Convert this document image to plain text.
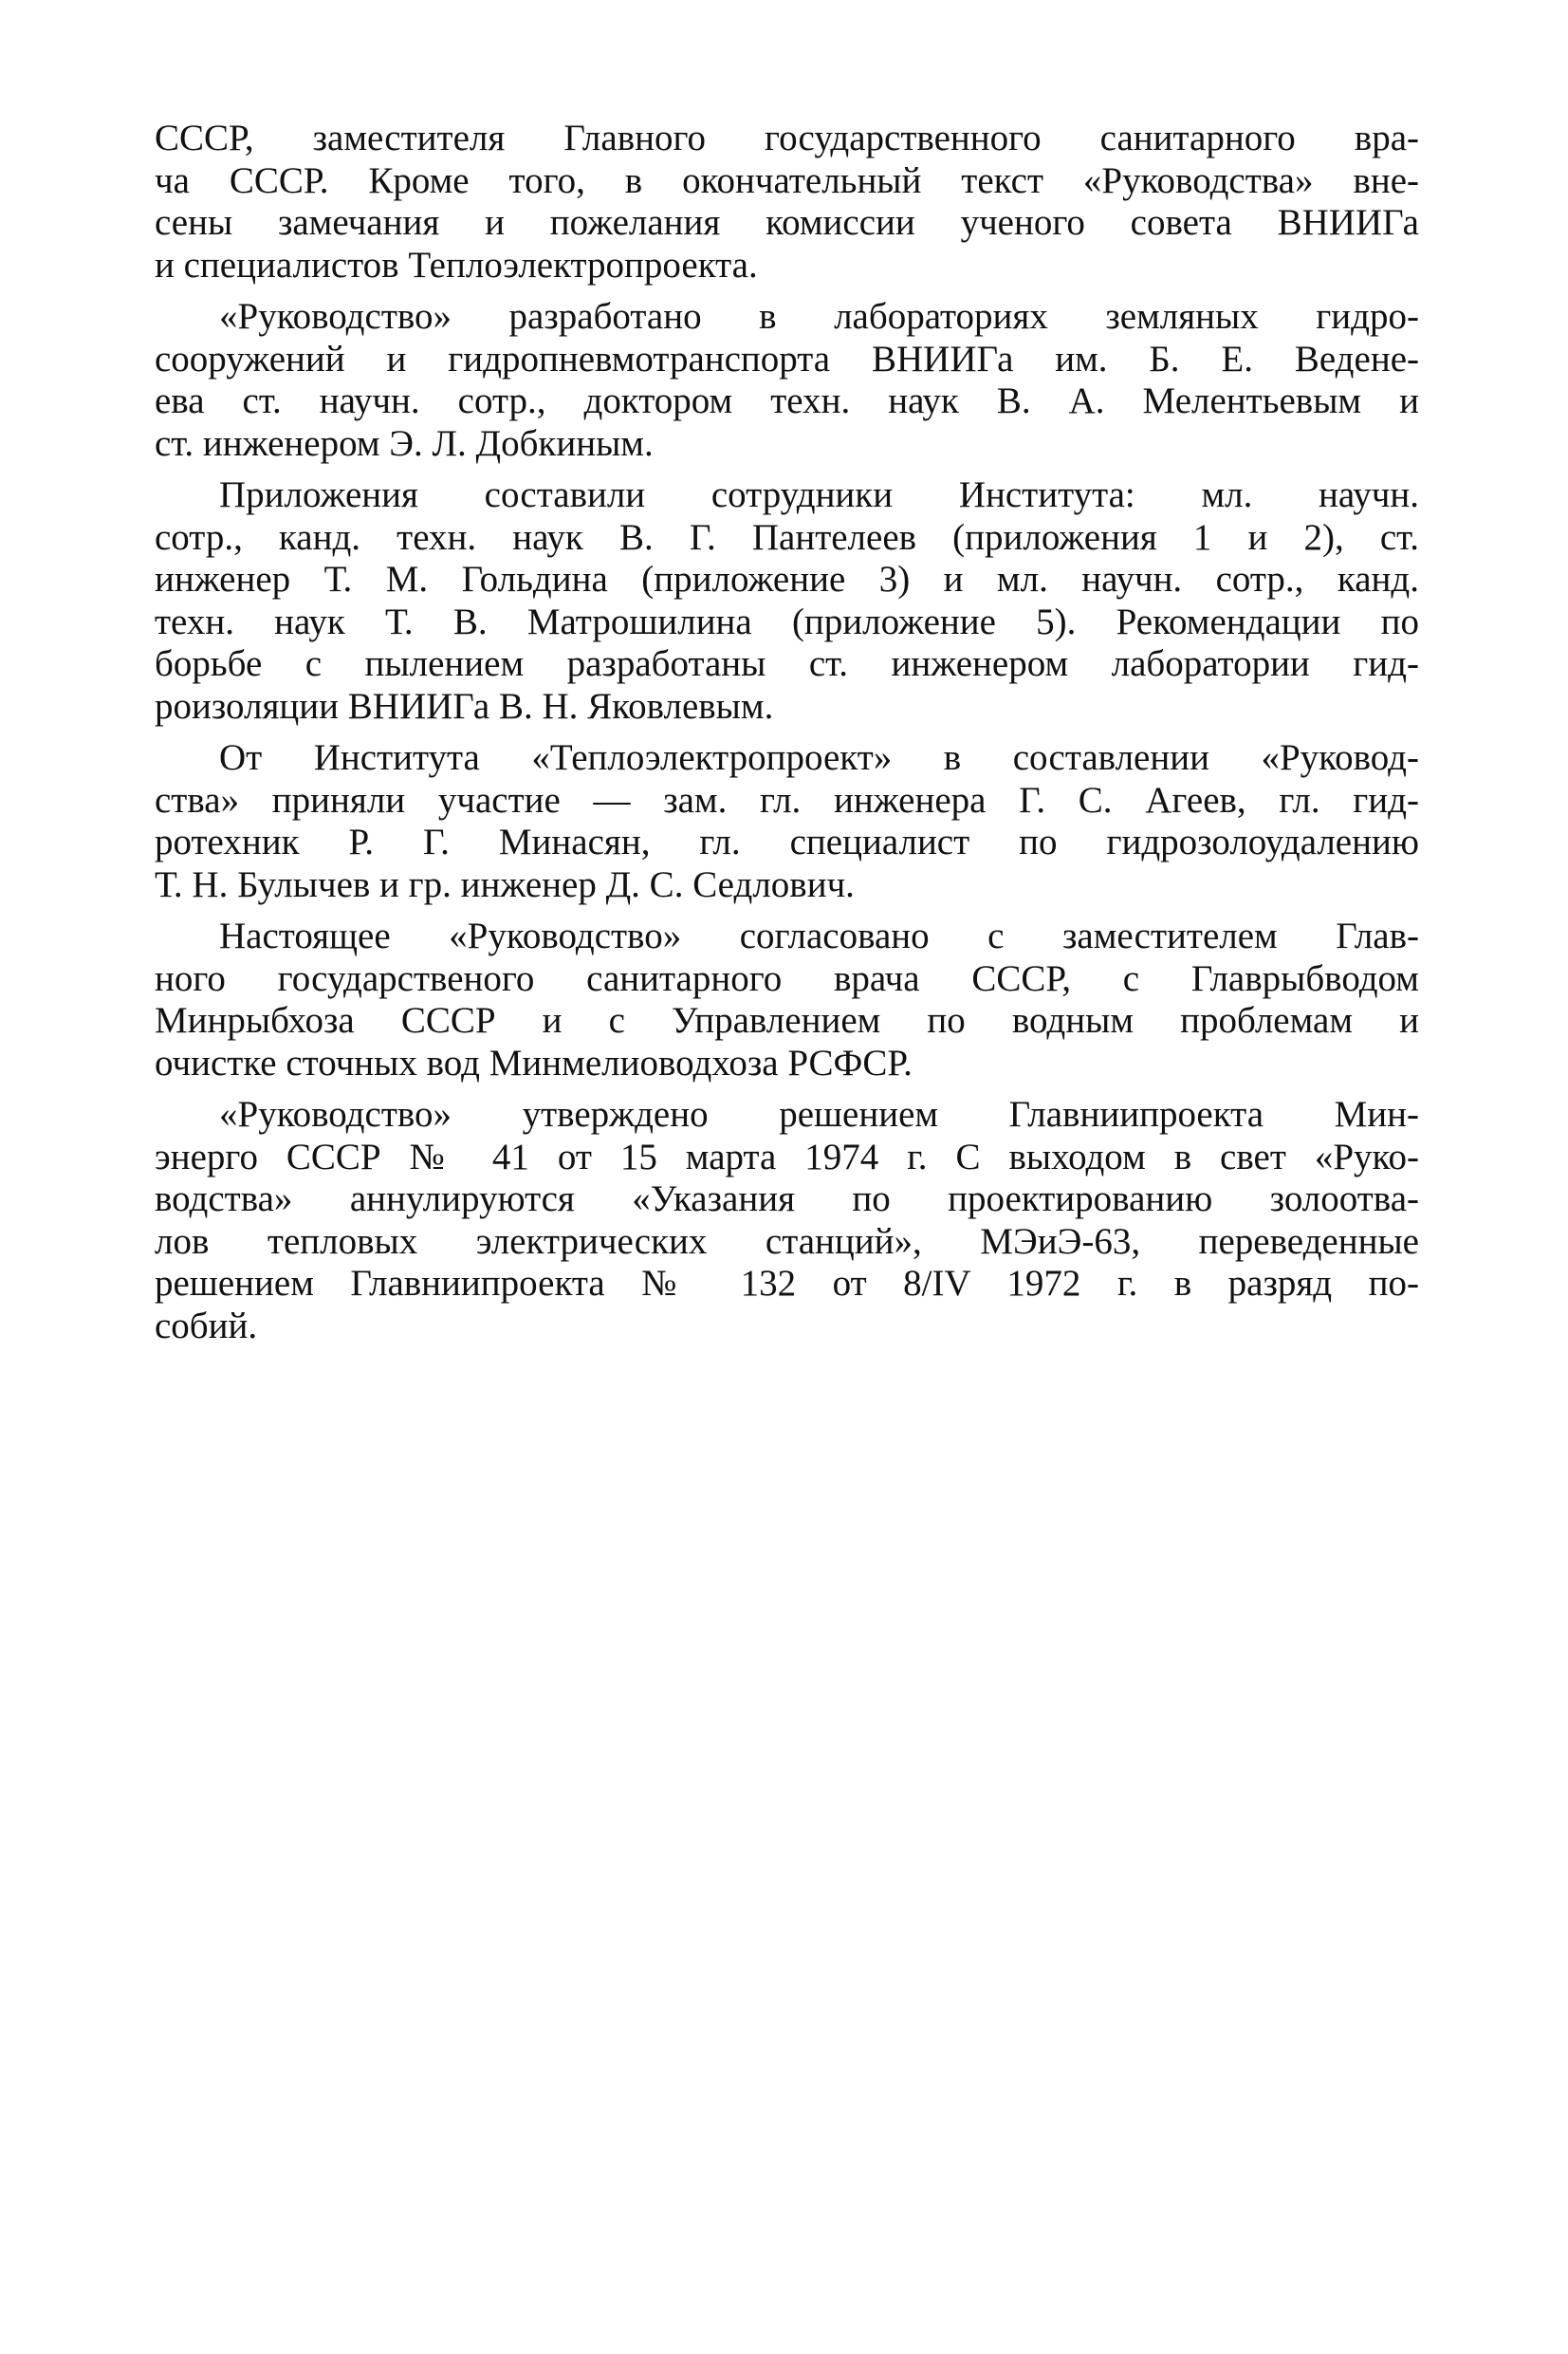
СССР, заместителя Главного государственного санитарного вра-
ча СССР. Кроме того, в окончательный текст «Руководства» вне-
сены замечания и пожелания комиссии ученого совета ВНИИГа
и специалистов Теплоэлектропроекта.
«Руководство» разработано в лабораториях земляных гидро-
сооружений и гидропневмотранспорта ВНИИГа им. Б. Е. Веденe-
ева ст. научн. сотр., доктором техн. наук В. А. Мелентьевым и
ст. инженером Э. Л. Добкиным.
Приложения составили сотрудники Института: мл. научн.
сотр., канд. техн. наук В. Г. Пантелеев (приложения 1 и 2), ст.
инженер Т. М. Гольдина (приложение 3) и мл. научн. сотр., канд.
техн. наук Т. В. Матрошилина (приложение 5). Рекомендации по
борьбе с пылением разработаны ст. инженером лаборатории гид-
роизоляции ВНИИГа В. Н. Яковлевым.
От Института «Теплоэлектропроект» в составлении «Руковод-
ства» приняли участие — зам. гл. инженера Г. С. Агеев, гл. гид-
ротехник Р. Г. Минасян, гл. специалист по гидрозолоудалению
Т. Н. Булычев и гр. инженер Д. С. Седлович.
Настоящее «Руководство» согласовано с заместителем Глав-
ного государственого санитарного врача СССР, с Главрыбводом
Минрыбхоза СССР и с Управлением по водным проблемам и
очистке сточных вод Минмелиоводхоза РСФСР.
«Руководство» утверждено решением Главниипроекта Мин-
энерго СССР № 41 от 15 марта 1974 г. С выходом в свет «Руко-
водства» аннулируются «Указания по проектированию золоотва-
лов тепловых электрических станций», МЭиЭ-63, переведенные
решением Главниипроекта № 132 от 8/IV 1972 г. в разряд по-
собий.
